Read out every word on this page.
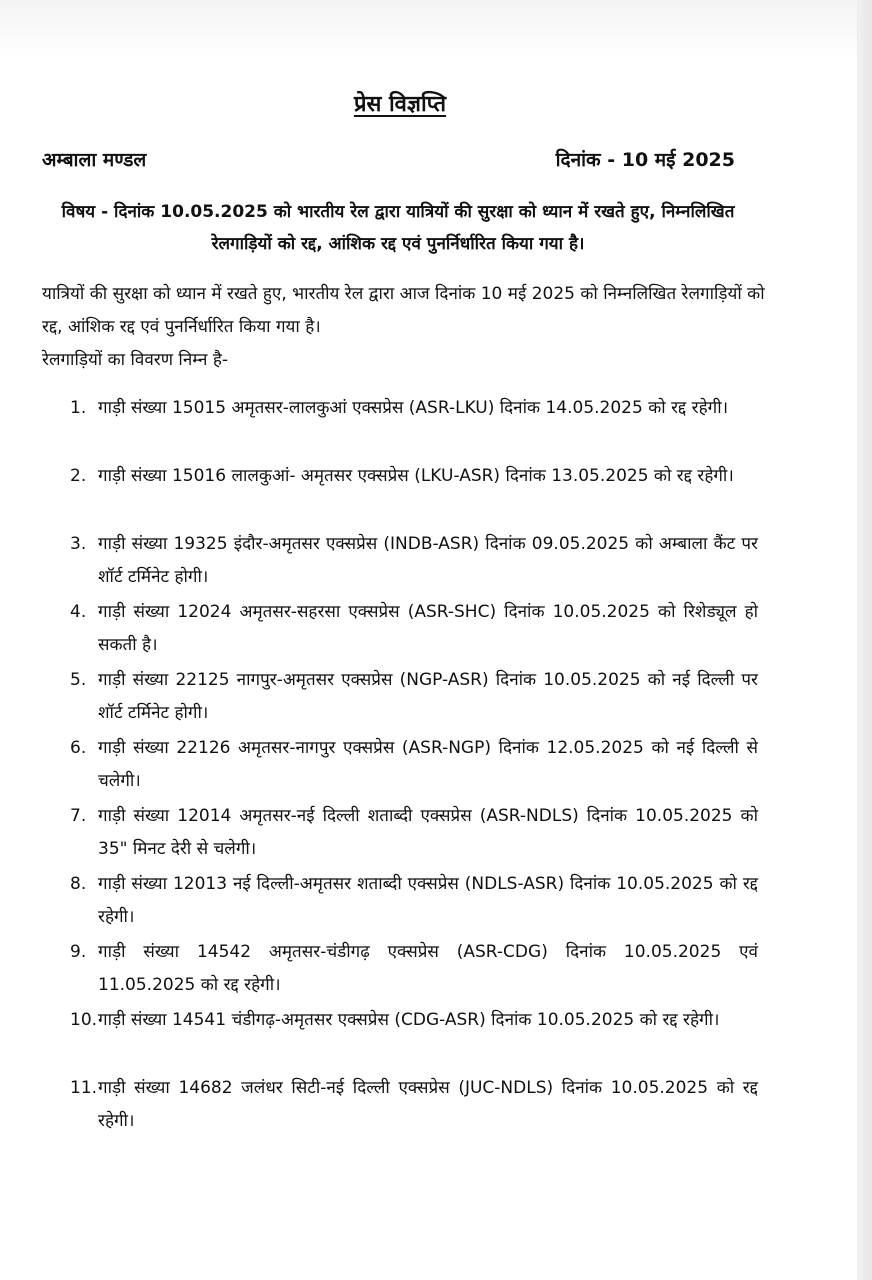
प्रेस विज्ञप्ति
अम्बाला मण्डल	दिनांक - 10 मई 2025
विषय - दिनांक 10.05.2025 को भारतीय रेल द्वारा यात्रियों की सुरक्षा को ध्यान में रखते हुए, निम्नलिखित रेलगाड़ियों को रद्द, आंशिक रद्द एवं पुनर्निर्धारित किया गया है।

यात्रियों की सुरक्षा को ध्यान में रखते हुए, भारतीय रेल द्वारा आज दिनांक 10 मई 2025 को निम्नलिखित रेलगाड़ियों को रद्द, आंशिक रद्द एवं पुनर्निर्धारित किया गया है।

रेलगाड़ियों का विवरण निम्न है-

1. गाड़ी संख्या 15015 अमृतसर-लालकुआं एक्सप्रेस (ASR-LKU) दिनांक 14.05.2025 को रद्द रहेगी।
2. गाड़ी संख्या 15016 लालकुआं- अमृतसर एक्सप्रेस (LKU-ASR) दिनांक 13.05.2025 को रद्द रहेगी।
3. गाड़ी संख्या 19325 इंदौर-अमृतसर एक्सप्रेस (INDB-ASR) दिनांक 09.05.2025 को अम्बाला कैंट पर शॉर्ट टर्मिनेट होगी।
4. गाड़ी संख्या 12024 अमृतसर-सहरसा एक्सप्रेस (ASR-SHC) दिनांक 10.05.2025 को रिशेड्यूल हो सकती है।
5. गाड़ी संख्या 22125 नागपुर-अमृतसर एक्सप्रेस (NGP-ASR) दिनांक 10.05.2025 को नई दिल्ली पर शॉर्ट टर्मिनेट होगी।
6. गाड़ी संख्या 22126 अमृतसर-नागपुर एक्सप्रेस (ASR-NGP) दिनांक 12.05.2025 को नई दिल्ली से चलेगी।
7. गाड़ी संख्या 12014 अमृतसर-नई दिल्ली शताब्दी एक्सप्रेस (ASR-NDLS) दिनांक 10.05.2025 को 35" मिनट देरी से चलेगी।
8. गाड़ी संख्या 12013 नई दिल्ली-अमृतसर शताब्दी एक्सप्रेस (NDLS-ASR) दिनांक 10.05.2025 को रद्द रहेगी।
9. गाड़ी संख्या 14542 अमृतसर-चंडीगढ़ एक्सप्रेस (ASR-CDG) दिनांक 10.05.2025 एवं 11.05.2025 को रद्द रहेगी।
10. गाड़ी संख्या 14541 चंडीगढ़-अमृतसर एक्सप्रेस (CDG-ASR) दिनांक 10.05.2025 को रद्द रहेगी।
11. गाड़ी संख्या 14682 जलंधर सिटी-नई दिल्ली एक्सप्रेस (JUC-NDLS) दिनांक 10.05.2025 को रद्द रहेगी।
